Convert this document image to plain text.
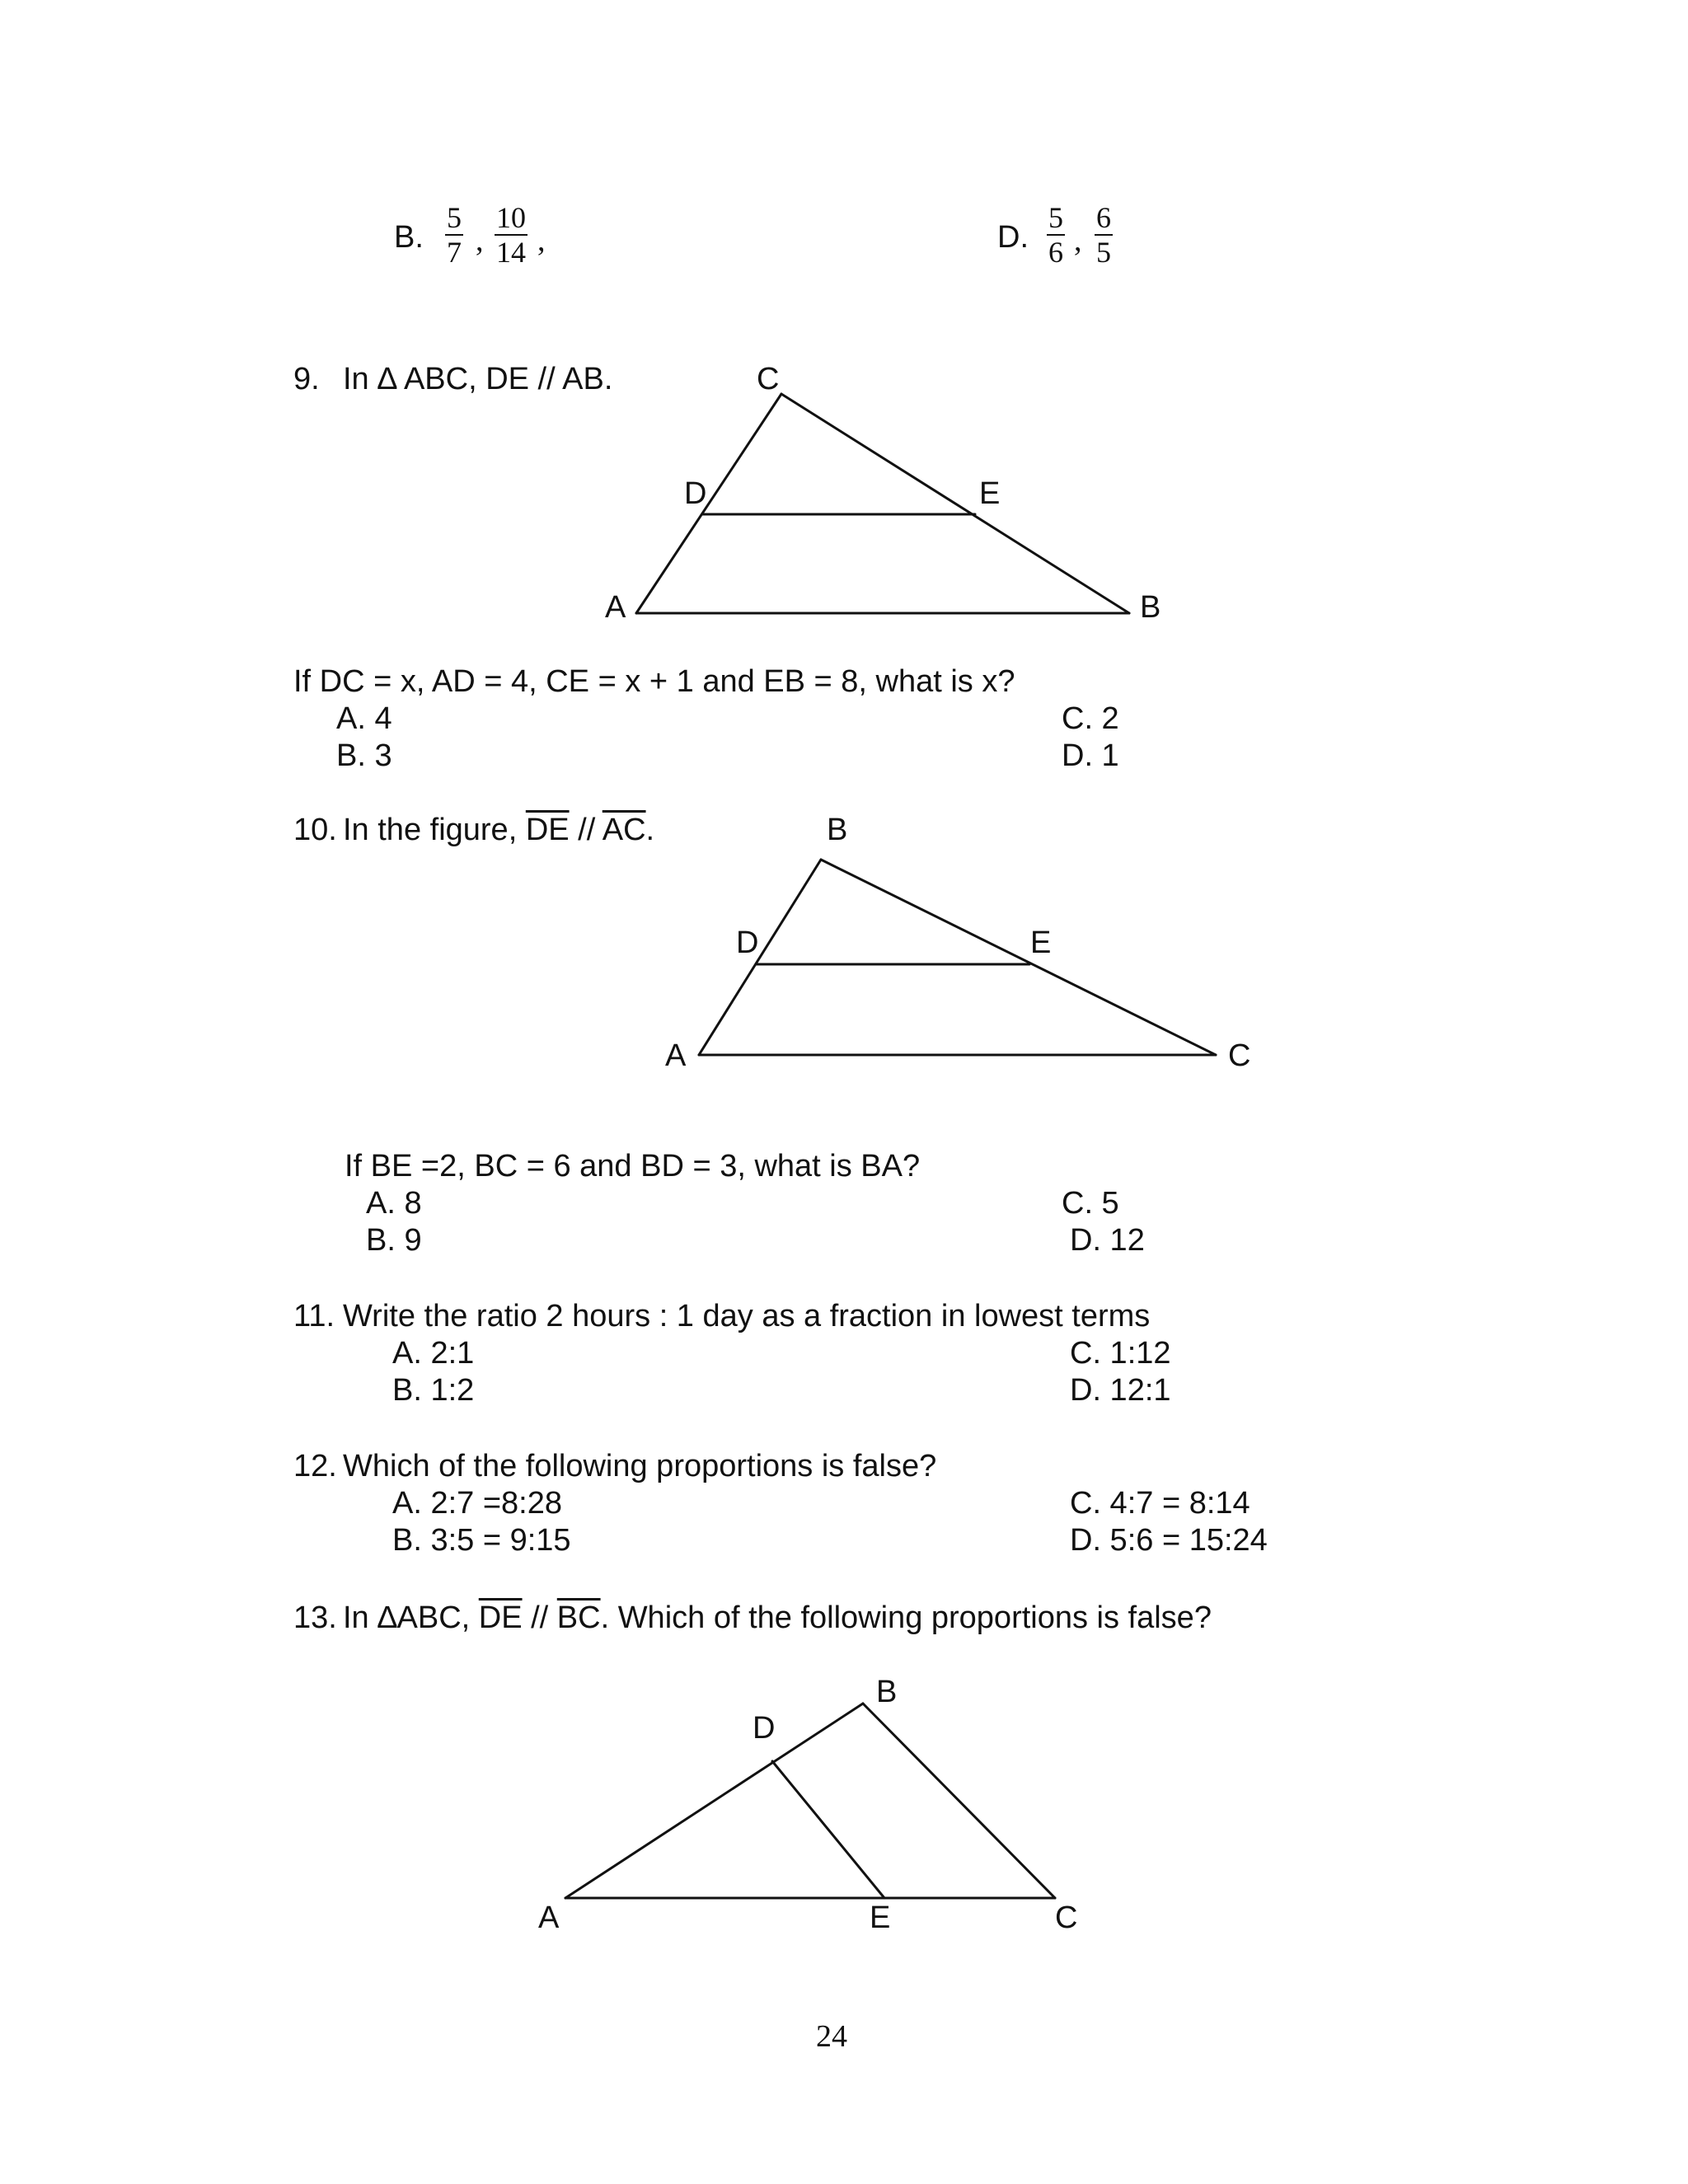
B. $\frac{5}{7}$ , $\frac{10}{14}$ ,	D. $\frac{5}{6}$ , $\frac{6}{5}$
9. In ∆ ABC, DE // AB.	C
D	E
A	B
If DC = x, AD = 4, CE = x + 1 and EB = 8, what is x?
A. 4
B. 3
C. 2
D. 1
10. In the figure, $\overline{DE} // \overline{AC}$.	B
D	E
A	C
If BE =2, BC = 6 and BD = 3, what is BA?
A. 8
B. 9
C. 5
D. 12
11. Write the ratio 2 hours : 1 day as a fraction in lowest terms
A. 2:1
B. 1:2
C. 1:12
D. 12:1
12. Which of the following proportions is false?
A. 2:7 =8:28
B. 3:5 = 9:15
C. 4:7 = 8:14
D. 5:6 = 15:24
13. In ∆ABC, $\overline{DE} // \overline{BC}$. Which of the following proportions is false?
B
D
A	E	C
24
